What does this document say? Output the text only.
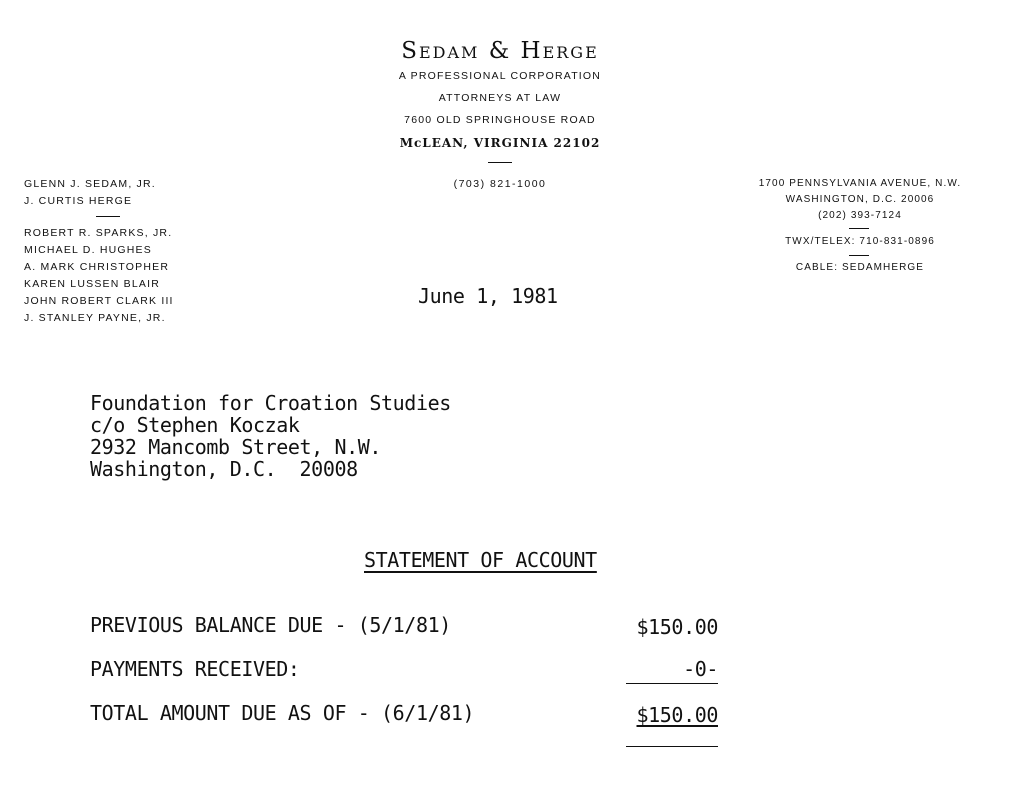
Sedam & Herge
A PROFESSIONAL CORPORATION
ATTORNEYS AT LAW
7600 OLD SPRINGHOUSE ROAD
McLEAN, VIRGINIA 22102
(703) 821-1000
GLENN J. SEDAM, JR.
J. CURTIS HERGE
ROBERT R. SPARKS, JR.
MICHAEL D. HUGHES
A. MARK CHRISTOPHER
KAREN LUSSEN BLAIR
JOHN ROBERT CLARK III
J. STANLEY PAYNE, JR.
1700 PENNSYLVANIA AVENUE, N.W.
WASHINGTON, D.C. 20006
(202) 393-7124
TWX/TELEX: 710-831-0896
CABLE: SEDAMHERGE
June 1, 1981
Foundation for Croation Studies
c/o Stephen Koczak
2932 Mancomb Street, N.W.
Washington, D.C.  20008
STATEMENT OF ACCOUNT
PREVIOUS BALANCE DUE - (5/1/81)	$150.00
PAYMENTS RECEIVED:	-0-
TOTAL AMOUNT DUE AS OF - (6/1/81)	$150.00
